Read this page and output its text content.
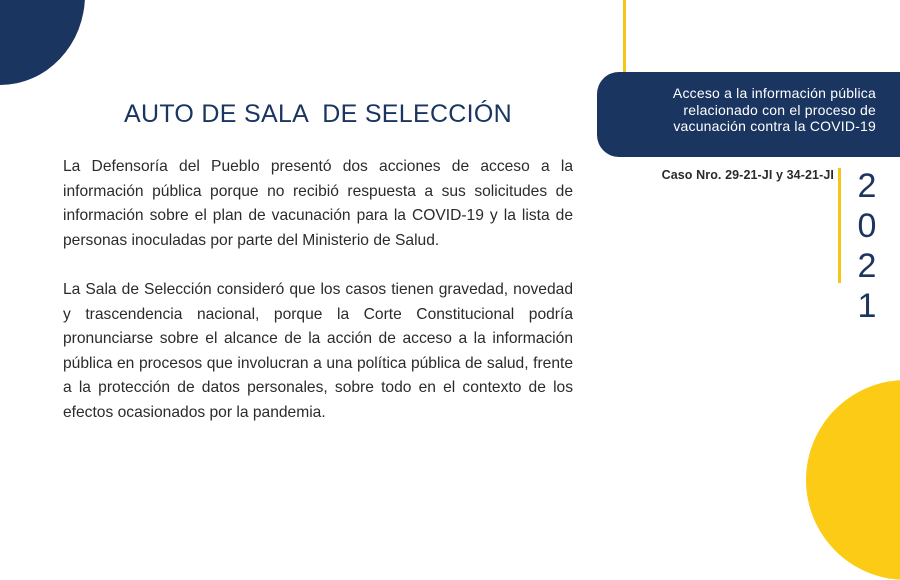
Acceso a la información pública relacionado con el proceso de vacunación contra la COVID-19
Caso Nro. 29-21-JI y 34-21-JI 2
0
2
1
AUTO DE SALA  DE SELECCIÓN
La Defensoría del Pueblo presentó dos acciones de acceso a la información pública porque no recibió respuesta a sus solicitudes de información sobre el plan de vacunación para la COVID-19 y la lista de personas inoculadas por parte del Ministerio de Salud.
La Sala de Selección consideró que los casos tienen gravedad, novedad y trascendencia nacional, porque la Corte Constitucional podría pronunciarse sobre el alcance de la acción de acceso a la información pública en procesos que involucran a una política pública de salud, frente a la protección de datos personales, sobre todo en el contexto de los efectos ocasionados por la pandemia.
